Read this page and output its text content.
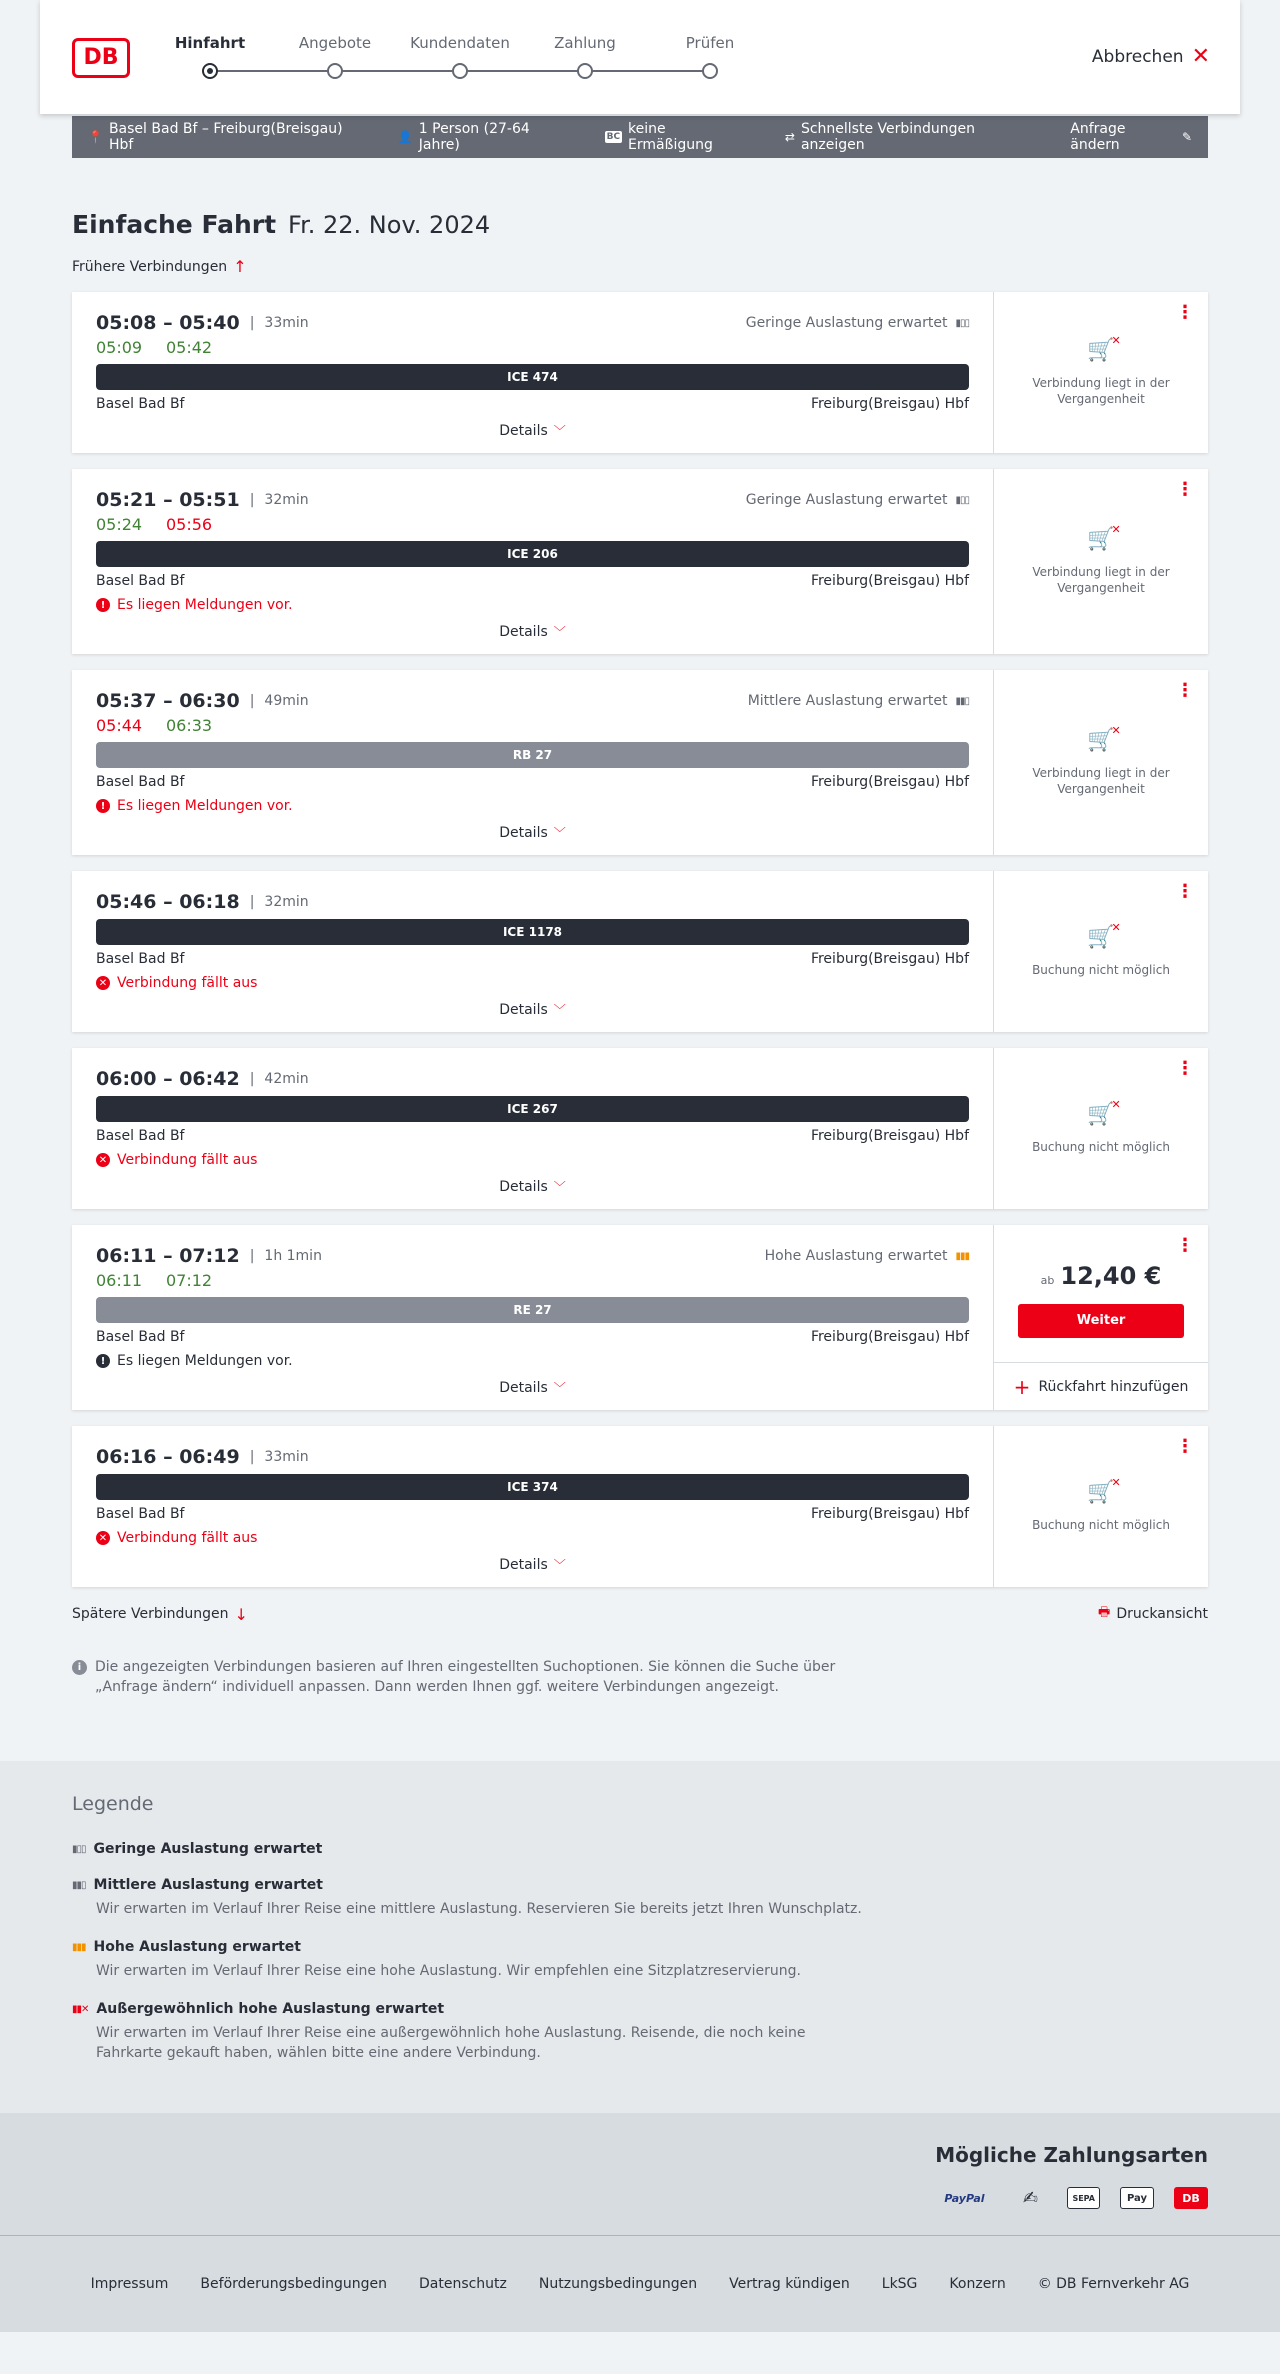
DB
Hinfahrt	Angebote	Kundendaten	Zahlung	Prüfen
Abbrechen ✕
📍 Basel Bad Bf – Freiburg(Breisgau) Hbf	👤 1 Person (27-64 Jahre)	BC keine Ermäßigung	⇄ Schnellste Verbindungen anzeigen
Anfrage ändern	✎
Einfache Fahrt Fr. 22. Nov. 2024
Frühere Verbindungen ↑
05:08 – 05:40 | 33min	Geringe Auslastung erwartet ▮▯▯
05:09 05:42
ICE 474
Basel Bad Bf	Freiburg(Breisgau) Hbf
Details ﹀
⋮
🛒
✕
Verbindung liegt in der Vergangenheit
05:21 – 05:51 | 32min	Geringe Auslastung erwartet ▮▯▯
05:24 05:56
ICE 206
Basel Bad Bf	Freiburg(Breisgau) Hbf
! Es liegen Meldungen vor.
Details ﹀
⋮
🛒
✕
Verbindung liegt in der Vergangenheit
05:37 – 06:30 | 49min	Mittlere Auslastung erwartet ▮▮▯
05:44 06:33
RB 27
Basel Bad Bf	Freiburg(Breisgau) Hbf
! Es liegen Meldungen vor.
Details ﹀
⋮
🛒
✕
Verbindung liegt in der Vergangenheit
05:46 – 06:18 | 32min
ICE 1178
Basel Bad Bf	Freiburg(Breisgau) Hbf
✕ Verbindung fällt aus
Details ﹀
⋮
🛒
✕
Buchung nicht möglich
06:00 – 06:42 | 42min
ICE 267
Basel Bad Bf	Freiburg(Breisgau) Hbf
✕ Verbindung fällt aus
Details ﹀
⋮
🛒
✕
Buchung nicht möglich
06:11 – 07:12 | 1h 1min	Hohe Auslastung erwartet ▮▮▮
06:11 07:12
RE 27
Basel Bad Bf	Freiburg(Breisgau) Hbf
! Es liegen Meldungen vor.
Details ﹀
⋮
ab 12,40 €
Weiter
+ Rückfahrt hinzufügen
06:16 – 06:49 | 33min
ICE 374
Basel Bad Bf	Freiburg(Breisgau) Hbf
✕ Verbindung fällt aus
Details ﹀
⋮
🛒
✕
Buchung nicht möglich
Spätere Verbindungen ↓	🖶 Druckansicht
i Die angezeigten Verbindungen basieren auf Ihren eingestellten Suchoptionen. Sie können die Suche über „Anfrage ändern“ individuell anpassen. Dann werden Ihnen ggf. weitere Verbindungen angezeigt.
Legende
▮▯▯ Geringe Auslastung erwartet
▮▮▯ Mittlere Auslastung erwartet
Wir erwarten im Verlauf Ihrer Reise eine mittlere Auslastung. Reservieren Sie bereits jetzt Ihren Wunschplatz.
▮▮▮ Hohe Auslastung erwartet
Wir erwarten im Verlauf Ihrer Reise eine hohe Auslastung. Wir empfehlen eine Sitzplatzreservierung.
▮▮✕ Außergewöhnlich hohe Auslastung erwartet
Wir erwarten im Verlauf Ihrer Reise eine außergewöhnlich hohe Auslastung. Reisende, die noch keine Fahrkarte gekauft haben, wählen bitte eine andere Verbindung.
Mögliche Zahlungsarten
PayPal	✍	SEPA	Pay	DB
Impressum Beförderungsbedingungen Datenschutz Nutzungsbedingungen Vertrag kündigen LkSG Konzern © DB Fernverkehr AG
